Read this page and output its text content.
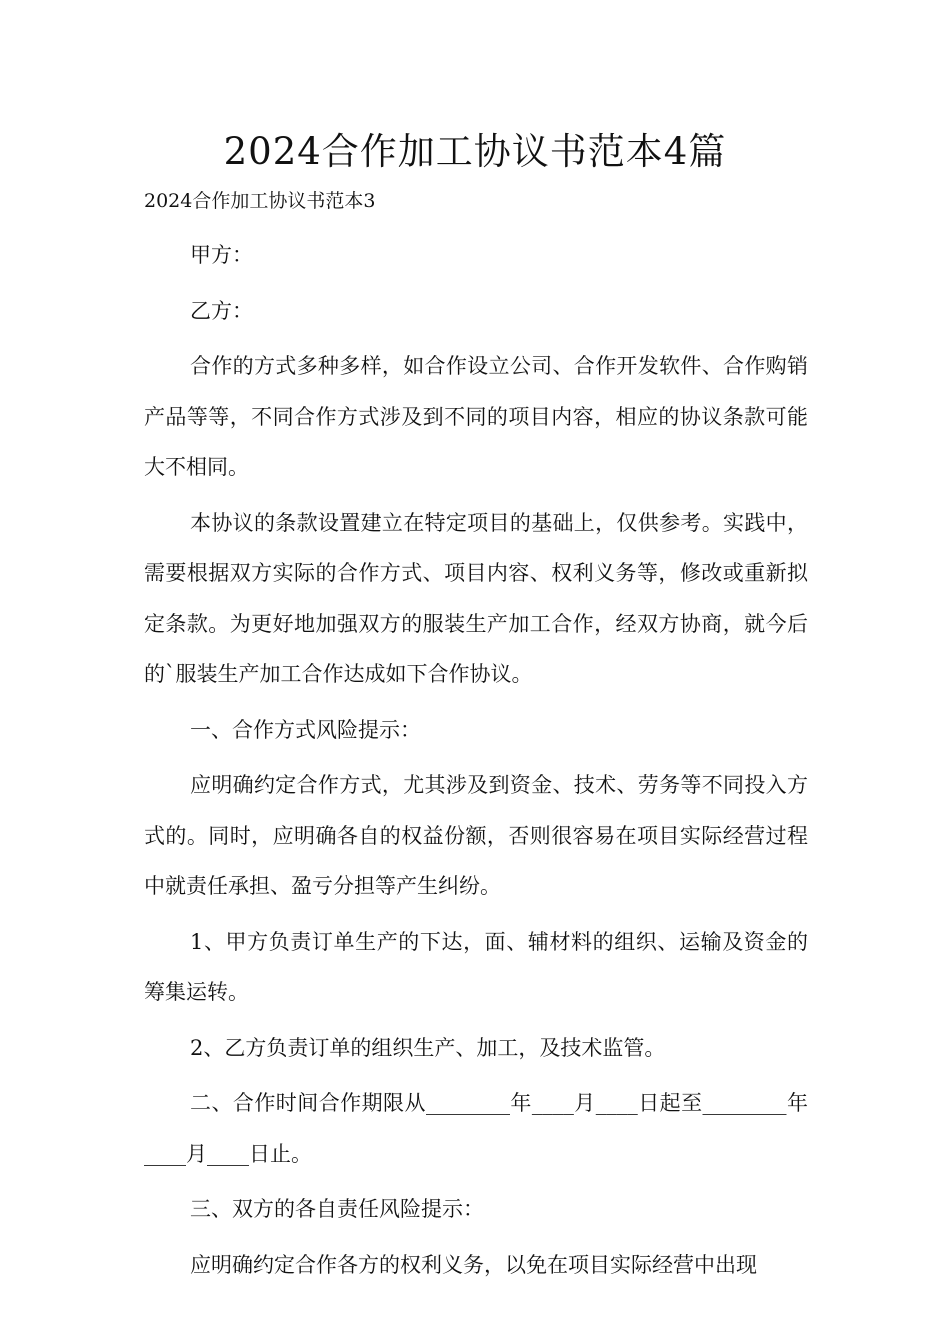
2024合作加工协议书范本4篇

2024合作加工协议书范本3

甲方：

乙方：

合作的方式多种多样，如合作设立公司、合作开发软件、合作购销产品等等，不同合作方式涉及到不同的项目内容，相应的协议条款可能大不相同。

本协议的条款设置建立在特定项目的基础上，仅供参考。实践中，需要根据双方实际的合作方式、项目内容、权利义务等，修改或重新拟定条款。为更好地加强双方的服装生产加工合作，经双方协商，就今后的`服装生产加工合作达成如下合作协议。

一、合作方式风险提示：

应明确约定合作方式，尤其涉及到资金、技术、劳务等不同投入方式的。同时，应明确各自的权益份额，否则很容易在项目实际经营过程中就责任承担、盈亏分担等产生纠纷。

1、甲方负责订单生产的下达，面、辅材料的组织、运输及资金的筹集运转。

2、乙方负责订单的组织生产、加工，及技术监管。

二、合作时间合作期限从________年____月____日起至________年____月____日止。

三、双方的各自责任风险提示：

应明确约定合作各方的权利义务，以免在项目实际经营中出现
